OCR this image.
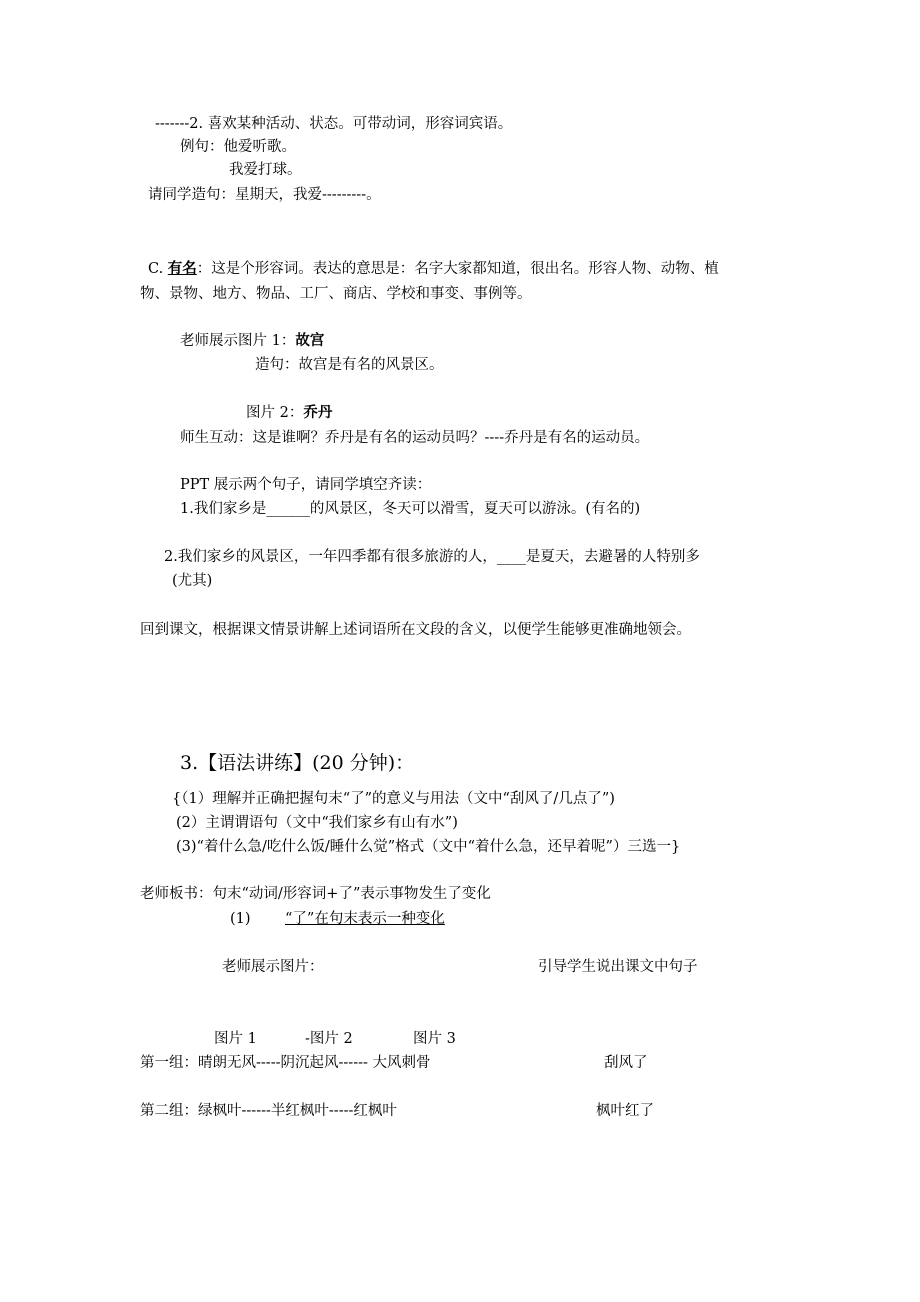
-------2. 喜欢某种活动、状态。可带动词，形容词宾语。
例句：他爱听歌。
我爱打球。
请同学造句：星期天，我爱---------。
C. 有名：这是个形容词。表达的意思是：名字大家都知道，很出名。形容人物、动物、植
物、景物、地方、物品、工厂、商店、学校和事变、事例等。
老师展示图片 1：故宫
造句：故宫是有名的风景区。
图片 2：乔丹
师生互动：这是谁啊？乔丹是有名的运动员吗？----乔丹是有名的运动员。
PPT 展示两个句子，请同学填空齐读：
1.我们家乡是______的风景区，冬天可以滑雪，夏天可以游泳。(有名的)
2.我们家乡的风景区，一年四季都有很多旅游的人，____是夏天，去避暑的人特别多
(尤其)
回到课文，根据课文情景讲解上述词语所在文段的含义，以便学生能够更准确地领会。
3.【语法讲练】(20 分钟)：
{（1）理解并正确把握句末“了”的意义与用法（文中“刮风了/几点了”)
(2）主谓谓语句（文中“我们家乡有山有水”)
(3)“着什么急/吃什么饭/睡什么觉”格式（文中“着什么急，还早着呢”）三选一}
老师板书：句末“动词/形容词+了”表示事物发生了变化
(1) “了”在句末表示一种变化
老师展示图片：	引导学生说出课文中句子
图片 1	-图片 2	图片 3
第一组：晴朗无风-----阴沉起风------ 大风刺骨	刮风了
第二组：绿枫叶------半红枫叶-----红枫叶	枫叶红了
